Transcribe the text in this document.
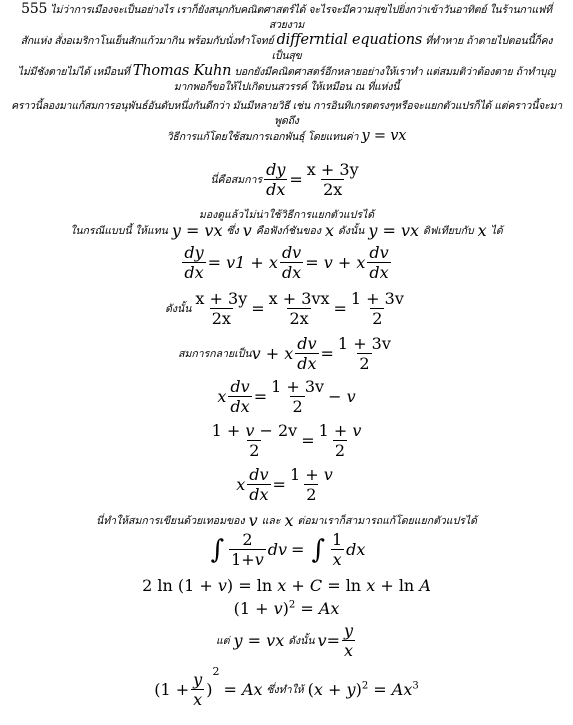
555 ไม่ว่าการเมืองจะเป็นอย่างไร เราก็ยังสนุกกับคณิตศาสตร์ได้ จะไรจะมีความสุขไปยิ่งกว่าเข้าวันอาทิตย์ ในร้านกาแฟที่สวยงาม
สักแห่ง สั่งอเมริกาโนเย็นสักแก้วมากิน พร้อมกับนั่งทำโจทย์ differntial equations ที่ทำหาย ถ้าตายไปตอนนี้ก็คงเป็นสุข
ไม่มีชังตายไม่ได้ เหมือนที่ Thomas Kuhn บอกยังมีคณิตศาสตร์อีกหลายอย่างให้เราทำ แต่สมมติว่าต้องตาย ถ้าทำบุญ
มากพอก็ขอให้ไปเกิดบนสวรรค์ ให้เหมือน ณ ที่แห่งนี้
คราวนี้ลองมาแก้สมการอนุพันธ์อันดับหนึ่งกันดีกว่า มันมีหลายวิธี เช่น การอินทิเกรตตรงๆหรือจะแยกตัวแปรก็ได้ แต่คราวนี้จะมาพูดถึง
วิธีการแก้โดยใช้สมการเอกพันธุ์ โดยแทนค่า y = vx
นี่คือสมการ $\frac{dy}{dx} = \frac{x + 3y}{2x}$
มองดูแล้วไม่น่าใช้วิธีการแยกตัวแปรได้
ในกรณีแบบนี้ ให้แทน y = vx ซึ่ง v คือฟังก์ชันของ x ดังนั้น y = vx ดิฟเทียบกับ x ได้
$\frac{dy}{dx} = v1 + x \frac{dv}{dx} = v + x \frac{dv}{dx}$
ดังนั้น $\frac{x + 3y}{2x} = \frac{x + 3vx}{2x} = \frac{1 + 3v}{2}$
สมการกลายเป็น v + x $\frac{dv}{dx} = \frac{1 + 3v}{2}$
x $\frac{dv}{dx} = \frac{1 + 3v}{2} - v$
$\frac{1 + v - 2v}{2} = \frac{1 + v}{2}$
x $\frac{dv}{dx} = \frac{1 + v}{2}$
นี่ทำให้สมการเขียนด้วยเทอมของ v และ x ต่อมาเราก็สามารถแก้โดยแยกตัวแปรได้
∫ $\frac{2}{1+v}$ dv = ∫ $\frac{1}{x}$ dx
2 ln (1 + v) = ln x + C = ln x + ln A
$(1 + v)^2 = Ax$
แต่ y = vx ดังนั้น $v = \frac{y}{x}$
($1 + \frac{y}{x}$ )
2
= Ax ซึ่งทำให้ $(x + y)^2 = Ax^3$
